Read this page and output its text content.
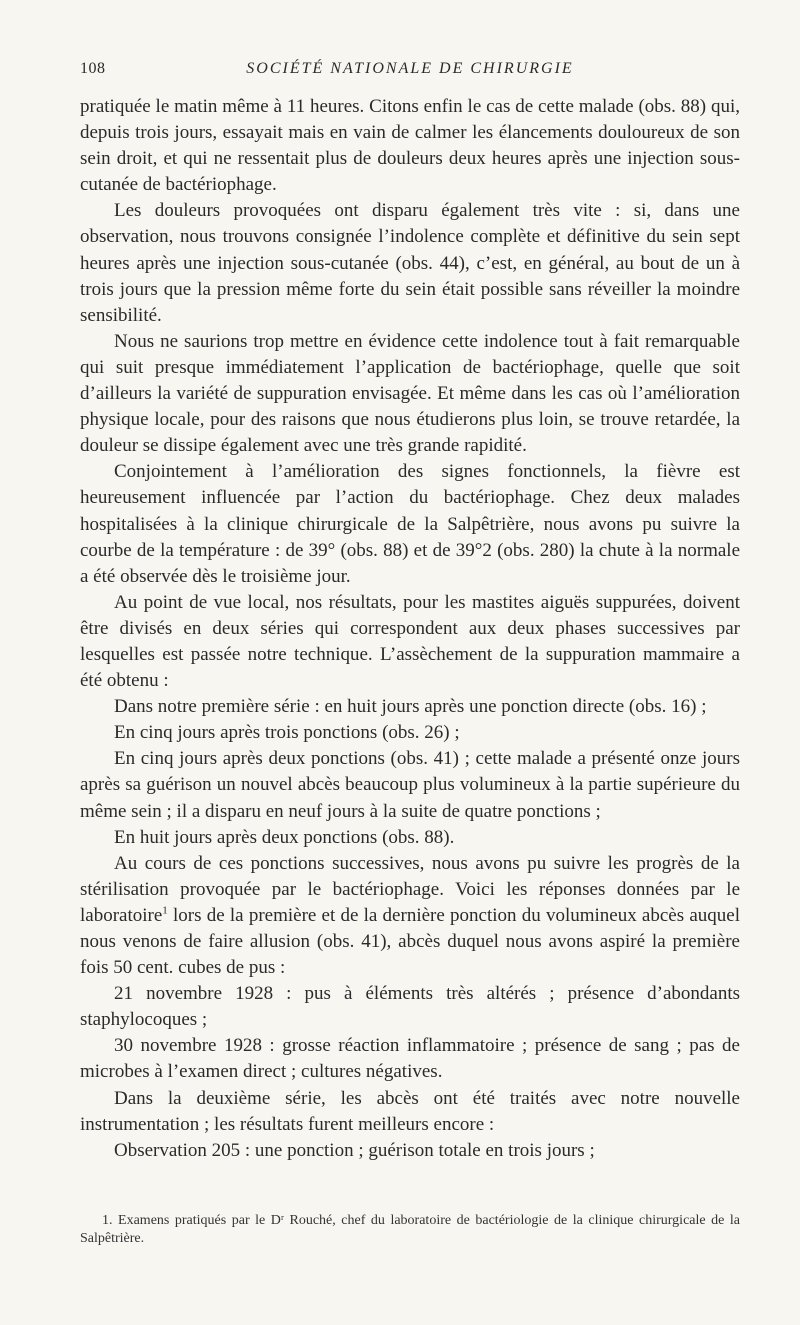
108	SOCIÉTÉ NATIONALE DE CHIRURGIE

pratiquée le matin même à 11 heures. Citons enfin le cas de cette malade (obs. 88) qui, depuis trois jours, essayait mais en vain de calmer les élancements douloureux de son sein droit, et qui ne ressentait plus de douleurs deux heures après une injection sous-cutanée de bactériophage.

Les douleurs provoquées ont disparu également très vite : si, dans une observation, nous trouvons consignée l’indolence complète et définitive du sein sept heures après une injection sous-cutanée (obs. 44), c’est, en général, au bout de un à trois jours que la pression même forte du sein était possible sans réveiller la moindre sensibilité.

Nous ne saurions trop mettre en évidence cette indolence tout à fait remarquable qui suit presque immédiatement l’application de bactériophage, quelle que soit d’ailleurs la variété de suppuration envisagée. Et même dans les cas où l’amélioration physique locale, pour des raisons que nous étudierons plus loin, se trouve retardée, la douleur se dissipe également avec une très grande rapidité.

Conjointement à l’amélioration des signes fonctionnels, la fièvre est heureusement influencée par l’action du bactériophage. Chez deux malades hospitalisées à la clinique chirurgicale de la Salpêtrière, nous avons pu suivre la courbe de la température : de 39° (obs. 88) et de 39°2 (obs. 280) la chute à la normale a été observée dès le troisième jour.

Au point de vue local, nos résultats, pour les mastites aiguës suppurées, doivent être divisés en deux séries qui correspondent aux deux phases successives par lesquelles est passée notre technique. L’assèchement de la suppuration mammaire a été obtenu :

Dans notre première série : en huit jours après une ponction directe (obs. 16) ;

En cinq jours après trois ponctions (obs. 26) ;

En cinq jours après deux ponctions (obs. 41) ; cette malade a présenté onze jours après sa guérison un nouvel abcès beaucoup plus volumineux à la partie supérieure du même sein ; il a disparu en neuf jours à la suite de quatre ponctions ;

En huit jours après deux ponctions (obs. 88).

Au cours de ces ponctions successives, nous avons pu suivre les progrès de la stérilisation provoquée par le bactériophage. Voici les réponses données par le laboratoire$^1$ lors de la première et de la dernière ponction du volumineux abcès auquel nous venons de faire allusion (obs. 41), abcès duquel nous avons aspiré la première fois 50 cent. cubes de pus :

21 novembre 1928 : pus à éléments très altérés ; présence d’abondants staphylocoques ;

30 novembre 1928 : grosse réaction inflammatoire ; présence de sang ; pas de microbes à l’examen direct ; cultures négatives.

Dans la deuxième série, les abcès ont été traités avec notre nouvelle instrumentation ; les résultats furent meilleurs encore :

Observation 205 : une ponction ; guérison totale en trois jours ;

1. Examens pratiqués par le Dʳ Rouché, chef du laboratoire de bactériologie de la clinique chirurgicale de la Salpêtrière.
